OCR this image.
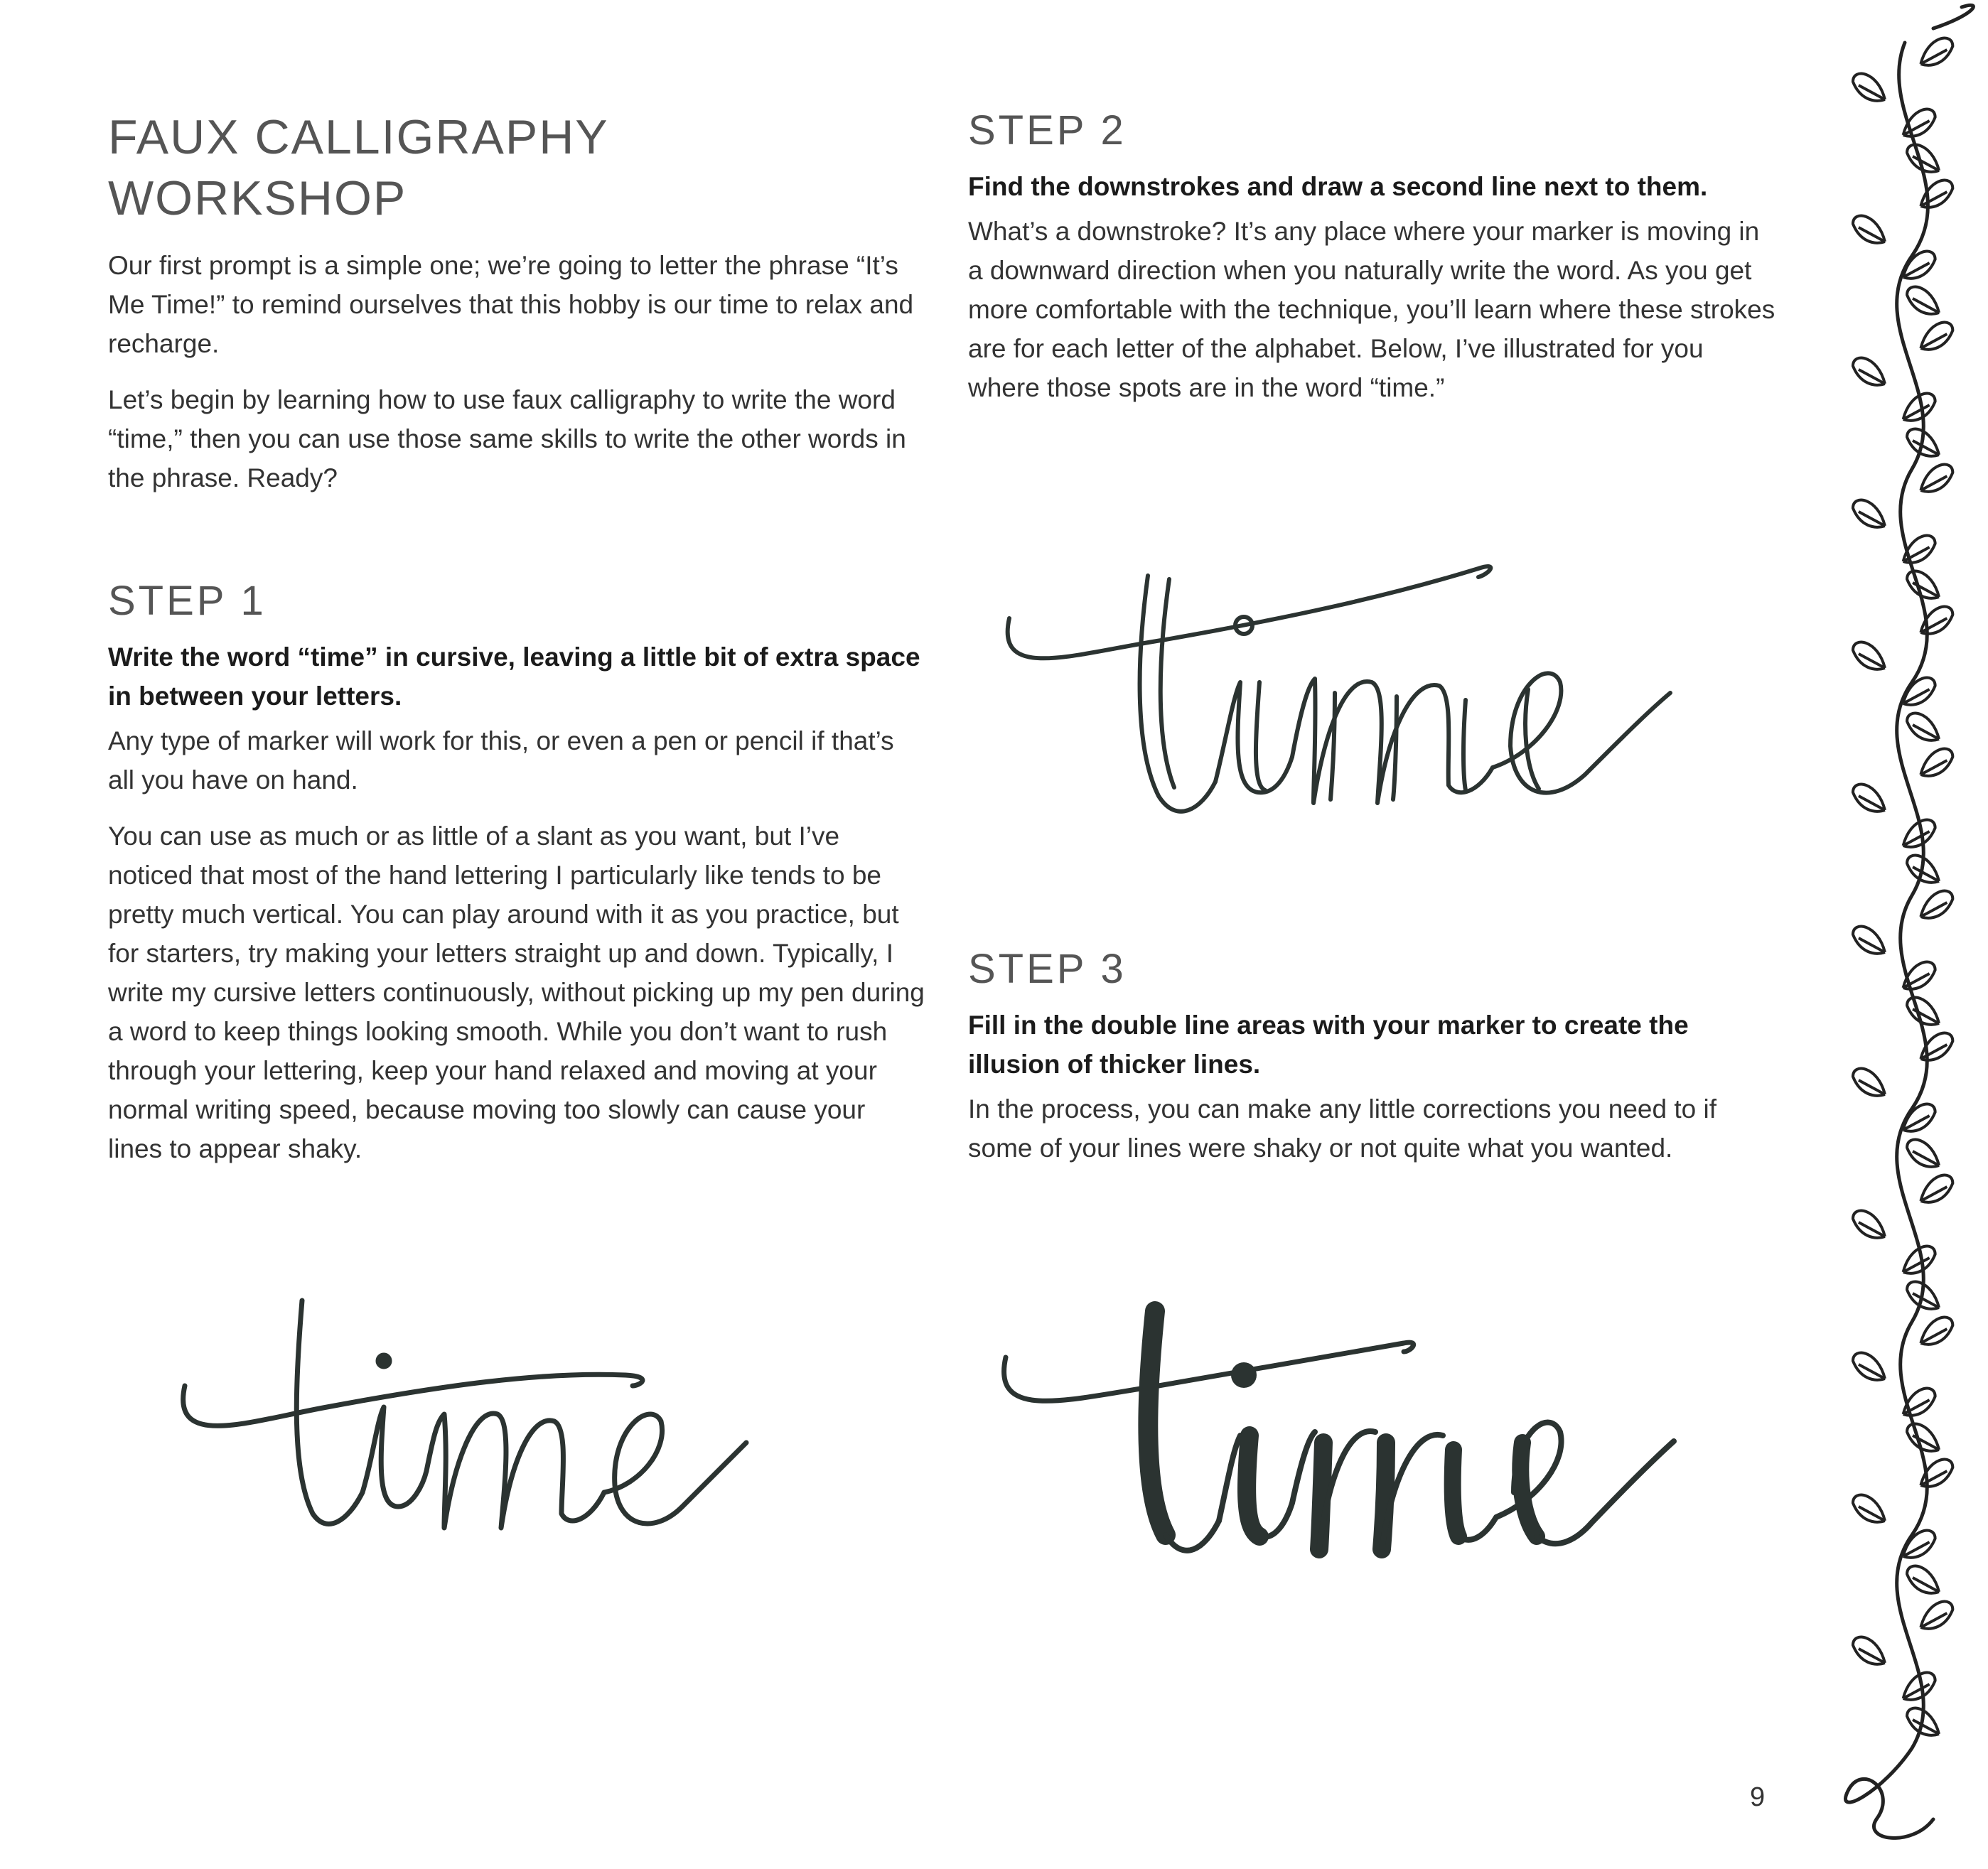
FAUX CALLIGRAPHY
WORKSHOP

Our first prompt is a simple one; we’re going to letter the phrase “It’s Me Time!” to remind ourselves that this hobby is our time to relax and recharge.

Let’s begin by learning how to use faux calligraphy to write the word “time,” then you can use those same skills to write the other words in the phrase. Ready?

STEP 1

Write the word “time” in cursive, leaving a little bit of extra space in between your letters.

Any type of marker will work for this, or even a pen or pencil if that’s all you have on hand.

You can use as much or as little of a slant as you want, but I’ve noticed that most of the hand lettering I particularly like tends to be pretty much vertical. You can play around with it as you practice, but for starters, try making your letters straight up and down. Typically, I write my cursive letters continuously, without picking up my pen during a word to keep things looking smooth. While you don’t want to rush through your lettering, keep your hand relaxed and moving at your normal writing speed, because moving too slowly can cause your lines to appear shaky.

STEP 2

Find the downstrokes and draw a second line next to them.

What’s a downstroke? It’s any place where your marker is moving in a downward direction when you naturally write the word. As you get more comfortable with the technique, you’ll learn where these strokes are for each letter of the alphabet. Below, I’ve illustrated for you where those spots are in the word “time.”

STEP 3

Fill in the double line areas with your marker to create the illusion of thicker lines.

In the process, you can make any little corrections you need to if some of your lines were shaky or not quite what you wanted.

9
